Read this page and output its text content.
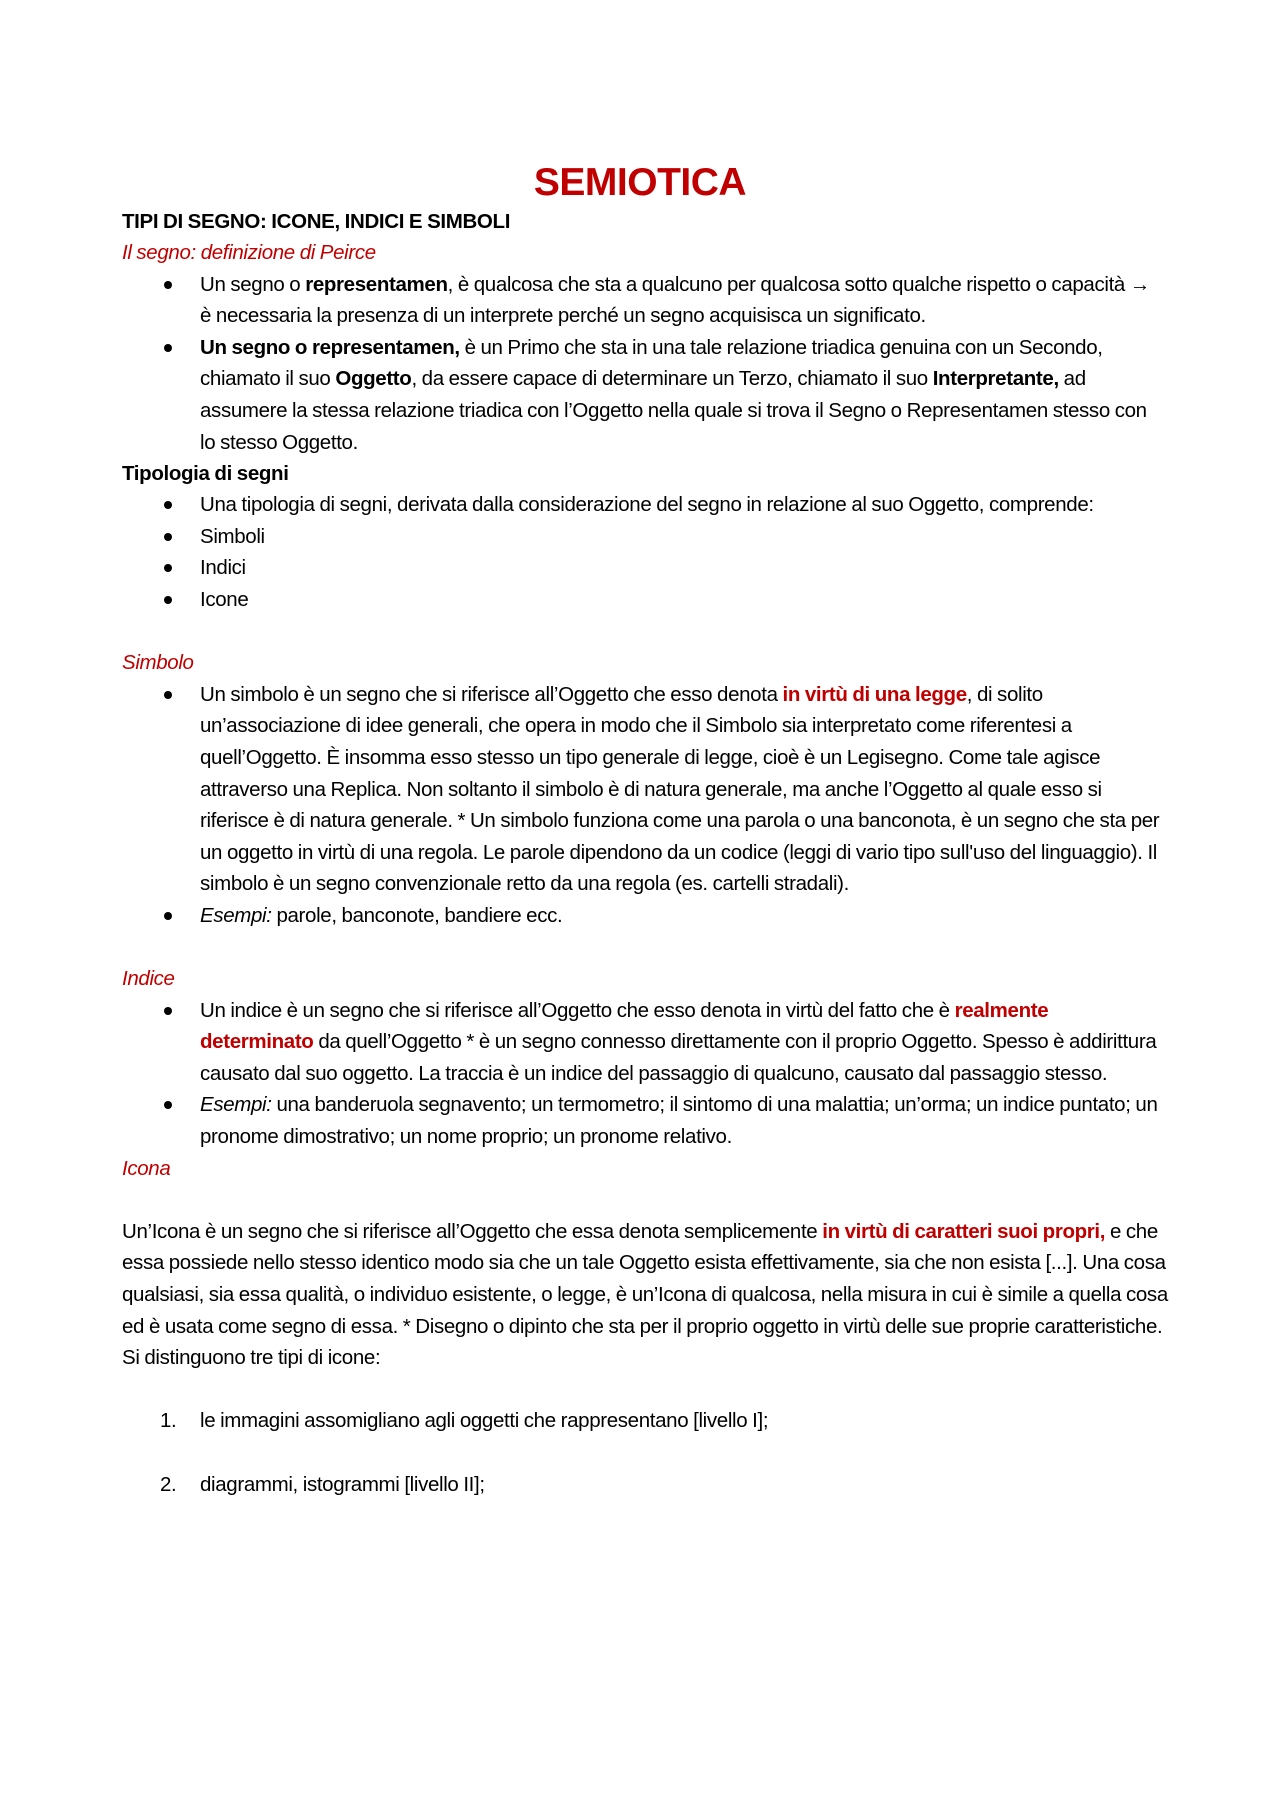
SEMIOTICA
TIPI DI SEGNO: ICONE, INDICI E SIMBOLI
Il segno: definizione di Peirce
Un segno o representamen, è qualcosa che sta a qualcuno per qualcosa sotto qualche rispetto o capacità → è necessaria la presenza di un interprete perché un segno acquisisca un significato.
Un segno o representamen, è un Primo che sta in una tale relazione triadica genuina con un Secondo, chiamato il suo Oggetto, da essere capace di determinare un Terzo, chiamato il suo Interpretante, ad assumere la stessa relazione triadica con l’Oggetto nella quale si trova il Segno o Representamen stesso con lo stesso Oggetto.
Tipologia di segni
Una tipologia di segni, derivata dalla considerazione del segno in relazione al suo Oggetto, comprende:
Simboli
Indici
Icone
Simbolo
Un simbolo è un segno che si riferisce all’Oggetto che esso denota in virtù di una legge, di solito un’associazione di idee generali, che opera in modo che il Simbolo sia interpretato come riferentesi a quell’Oggetto. È insomma esso stesso un tipo generale di legge, cioè è un Legisegno. Come tale agisce attraverso una Replica. Non soltanto il simbolo è di natura generale, ma anche l’Oggetto al quale esso si riferisce è di natura generale. * Un simbolo funziona come una parola o una banconota, è un segno che sta per un oggetto in virtù di una regola. Le parole dipendono da un codice (leggi di vario tipo sull'uso del linguaggio). Il simbolo è un segno convenzionale retto da una regola (es. cartelli stradali).
Esempi: parole, banconote, bandiere ecc.
Indice
Un indice è un segno che si riferisce all’Oggetto che esso denota in virtù del fatto che è realmente determinato da quell’Oggetto * è un segno connesso direttamente con il proprio Oggetto. Spesso è addirittura causato dal suo oggetto. La traccia è un indice del passaggio di qualcuno, causato dal passaggio stesso.
Esempi: una banderuola segnavento; un termometro; il sintomo di una malattia; un’orma; un indice puntato; un pronome dimostrativo; un nome proprio; un pronome relativo.
Icona
Un’Icona è un segno che si riferisce all’Oggetto che essa denota semplicemente in virtù di caratteri suoi propri, e che essa possiede nello stesso identico modo sia che un tale Oggetto esista effettivamente, sia che non esista [...]. Una cosa qualsiasi, sia essa qualità, o individuo esistente, o legge, è un’Icona di qualcosa, nella misura in cui è simile a quella cosa ed è usata come segno di essa. * Disegno o dipinto che sta per il proprio oggetto in virtù delle sue proprie caratteristiche. Si distinguono tre tipi di icone:
1. le immagini assomigliano agli oggetti che rappresentano [livello I];
2. diagrammi, istogrammi [livello II];
